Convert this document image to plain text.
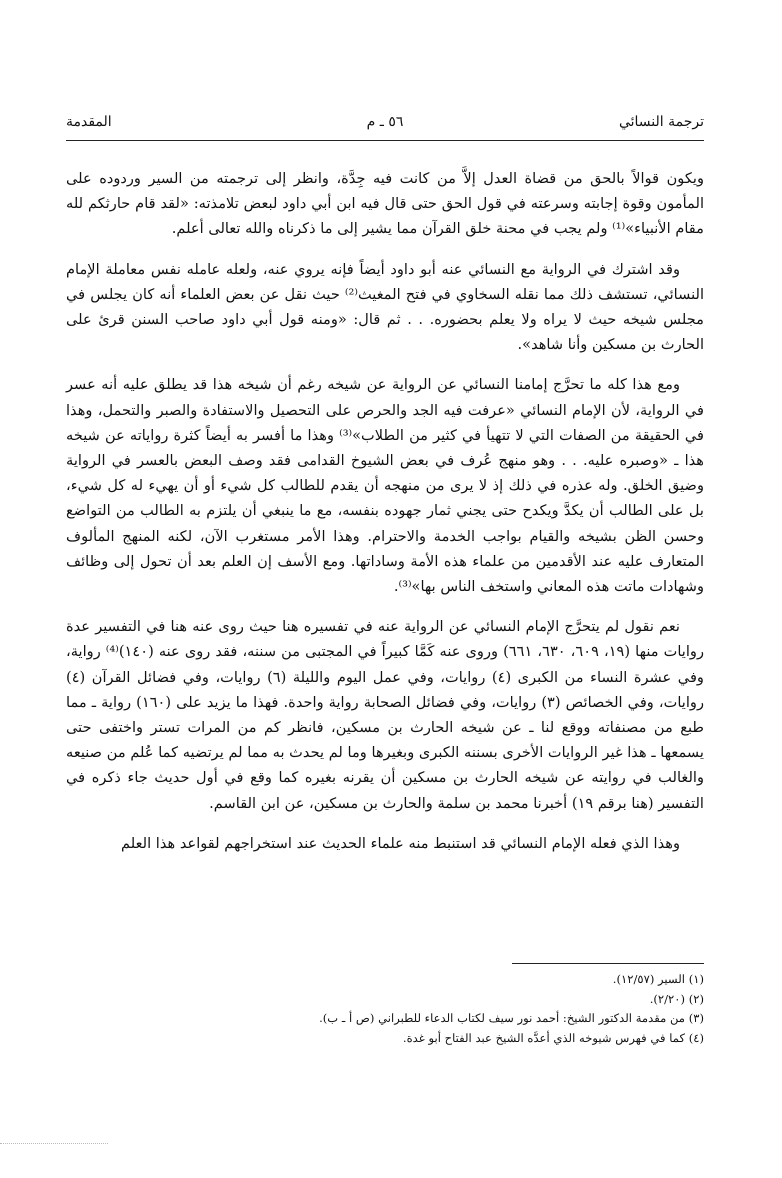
ترجمة النسائي
٥٦ ـ م
المقدمة

ويكون قوالاً بالحق من قضاة العدل إلاَّ من كانت فيه جِدَّة، وانظر إلى ترجمته من السير وردوده على المأمون وقوة إجابته وسرعته في قول الحق حتى قال فيه ابن أبي داود لبعض تلامذته: «لقد قام حارثكم لله مقام الأنبياء»⁽¹⁾ ولم يجب في محنة خلق القرآن مما يشير إلى ما ذكرناه والله تعالى أعلم.

وقد اشترك في الرواية مع النسائي عنه أبو داود أيضاً فإنه يروي عنه، ولعله عامله نفس معاملة الإمام النسائي، تستشف ذلك مما نقله السخاوي في فتح المغيث⁽²⁾ حيث نقل عن بعض العلماء أنه كان يجلس في مجلس شيخه حيث لا يراه ولا يعلم بحضوره. . . ثم قال: «ومنه قول أبي داود صاحب السنن قرئ على الحارث بن مسكين وأنا شاهد».

ومع هذا كله ما تحرَّج إمامنا النسائي عن الرواية عن شيخه رغم أن شيخه هذا قد يطلق عليه أنه عسر في الرواية، لأن الإمام النسائي «عرفت فيه الجد والحرص على التحصيل والاستفادة والصبر والتحمل، وهذا في الحقيقة من الصفات التي لا تتهيأ في كثير من الطلاب»⁽³⁾ وهذا ما أفسر به أيضاً كثرة رواياته عن شيخه هذا ـ «وصبره عليه. . . وهو منهج عُرف في بعض الشيوخ القدامى فقد وصف البعض بالعسر في الرواية وضيق الخلق. وله عذره في ذلك إذ لا يرى من منهجه أن يقدم للطالب كل شيء أو أن يهيء له كل شيء، بل على الطالب أن يكدَّ ويكدح حتى يجني ثمار جهوده بنفسه، مع ما ينبغي أن يلتزم به الطالب من التواضع وحسن الظن بشيخه والقيام بواجب الخدمة والاحترام. وهذا الأمر مستغرب الآن، لكنه المنهج المألوف المتعارف عليه عند الأقدمين من علماء هذه الأمة وساداتها. ومع الأسف إن العلم بعد أن تحول إلى وظائف وشهادات ماتت هذه المعاني واستخف الناس بها»⁽³⁾.

نعم نقول لم يتحرَّج الإمام النسائي عن الرواية عنه في تفسيره هنا حيث روى عنه هنا في التفسير عدة روايات منها (١٩، ٦٠٩، ٦٣٠، ٦٦١) وروى عنه كَمَّا كبيراً في المجتبى من سننه، فقد روى عنه (١٤٠)⁽⁴⁾ رواية، وفي عشرة النساء من الكبرى (٤) روايات، وفي عمل اليوم والليلة (٦) روايات، وفي فضائل القرآن (٤) روايات، وفي الخصائص (٣) روايات، وفي فضائل الصحابة رواية واحدة. فهذا ما يزيد على (١٦٠) رواية ـ مما طبع من مصنفاته ووقع لنا ـ عن شيخه الحارث بن مسكين، فانظر كم من المرات تستر واختفى حتى يسمعها ـ هذا غير الروايات الأخرى بسننه الكبرى وبغيرها وما لم يحدث به مما لم يرتضيه كما عُلم من صنيعه والغالب في روايته عن شيخه الحارث بن مسكين أن يقرنه بغيره كما وقع في أول حديث جاء ذكره في التفسير (هنا برقم ١٩) أخبرنا محمد بن سلمة والحارث بن مسكين، عن ابن القاسم.

وهذا الذي فعله الإمام النسائي قد استنبط منه علماء الحديث عند استخراجهم لقواعد هذا العلم

(١) السير (١٢/٥٧).
(٢) (٢/٢٠).
(٣) من مقدمة الدكتور الشيخ: أحمد نور سيف لكتاب الدعاء للطبراني (ص أ ـ ب).
(٤) كما في فهرس شيوخه الذي أعدَّه الشيخ عبد الفتاح أبو غدة.
